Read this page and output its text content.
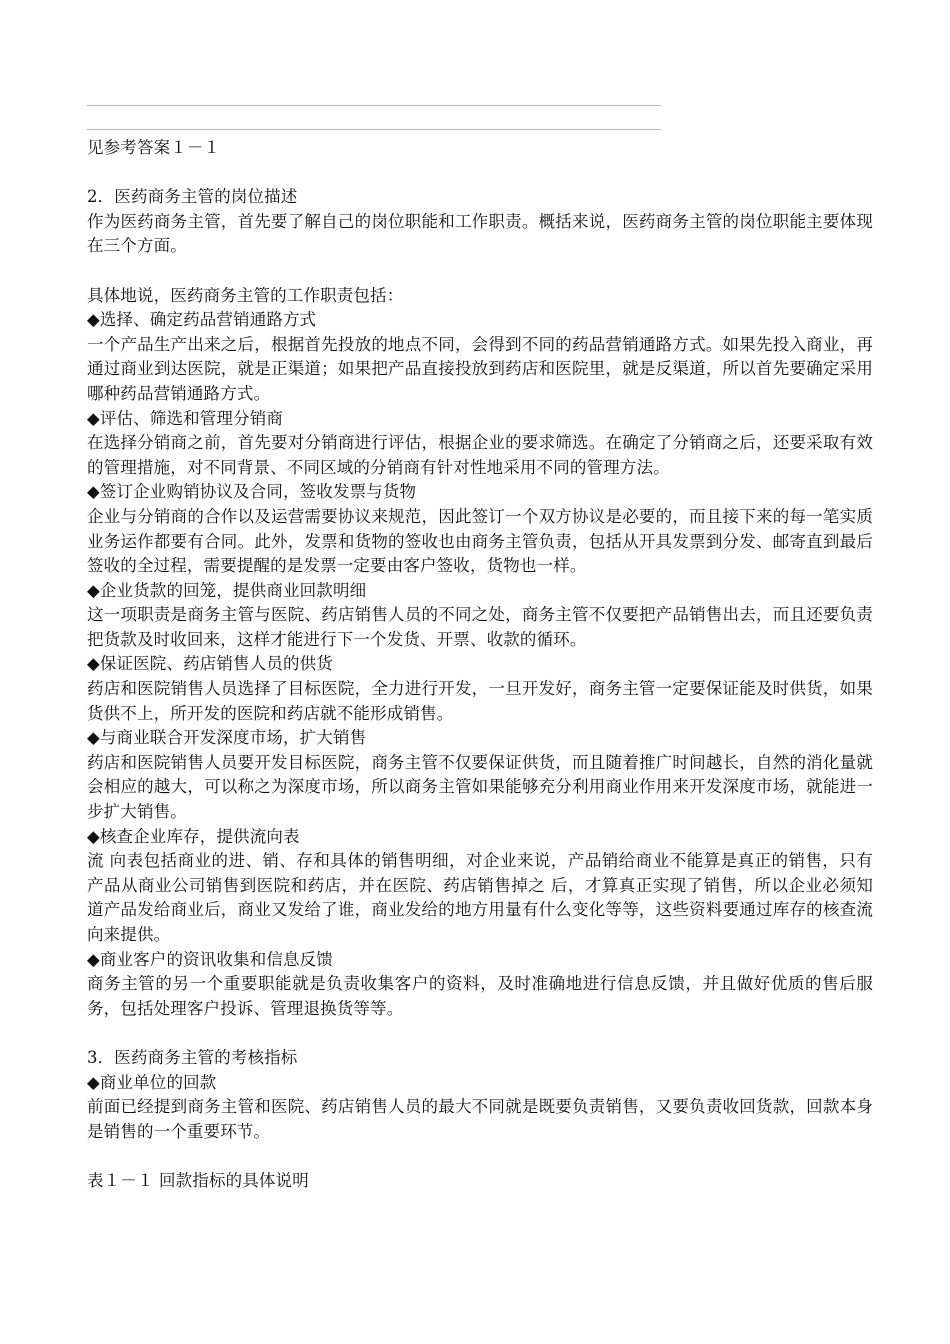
见参考答案１－１
2．医药商务主管的岗位描述
作为医药商务主管，首先要了解自己的岗位职能和工作职责。概括来说，医药商务主管的岗位职能主要体现在三个方面。
具体地说，医药商务主管的工作职责包括：
◆选择、确定药品营销通路方式
一个产品生产出来之后，根据首先投放的地点不同，会得到不同的药品营销通路方式。如果先投入商业，再通过商业到达医院，就是正渠道；如果把产品直接投放到药店和医院里，就是反渠道，所以首先要确定采用哪种药品营销通路方式。
◆评估、筛选和管理分销商
在选择分销商之前，首先要对分销商进行评估，根据企业的要求筛选。在确定了分销商之后，还要采取有效的管理措施，对不同背景、不同区域的分销商有针对性地采用不同的管理方法。
◆签订企业购销协议及合同，签收发票与货物
企业与分销商的合作以及运营需要协议来规范，因此签订一个双方协议是必要的，而且接下来的每一笔实质业务运作都要有合同。此外，发票和货物的签收也由商务主管负责，包括从开具发票到分发、邮寄直到最后签收的全过程，需要提醒的是发票一定要由客户签收，货物也一样。
◆企业货款的回笼，提供商业回款明细
这一项职责是商务主管与医院、药店销售人员的不同之处，商务主管不仅要把产品销售出去，而且还要负责把货款及时收回来，这样才能进行下一个发货、开票、收款的循环。
◆保证医院、药店销售人员的供货
药店和医院销售人员选择了目标医院，全力进行开发，一旦开发好，商务主管一定要保证能及时供货，如果货供不上，所开发的医院和药店就不能形成销售。
◆与商业联合开发深度市场，扩大销售
药店和医院销售人员要开发目标医院，商务主管不仅要保证供货，而且随着推广时间越长，自然的消化量就会相应的越大，可以称之为深度市场，所以商务主管如果能够充分利用商业作用来开发深度市场，就能进一步扩大销售。
◆核查企业库存，提供流向表
流 向表包括商业的进、销、存和具体的销售明细，对企业来说，产品销给商业不能算是真正的销售，只有产品从商业公司销售到医院和药店，并在医院、药店销售掉之 后，才算真正实现了销售，所以企业必须知道产品发给商业后，商业又发给了谁，商业发给的地方用量有什么变化等等，这些资料要通过库存的核查流向来提供。
◆商业客户的资讯收集和信息反馈
商务主管的另一个重要职能就是负责收集客户的资料，及时准确地进行信息反馈，并且做好优质的售后服务，包括处理客户投诉、管理退换货等等。
3．医药商务主管的考核指标
◆商业单位的回款
前面已经提到商务主管和医院、药店销售人员的最大不同就是既要负责销售，又要负责收回货款，回款本身是销售的一个重要环节。
表１－１ 回款指标的具体说明
